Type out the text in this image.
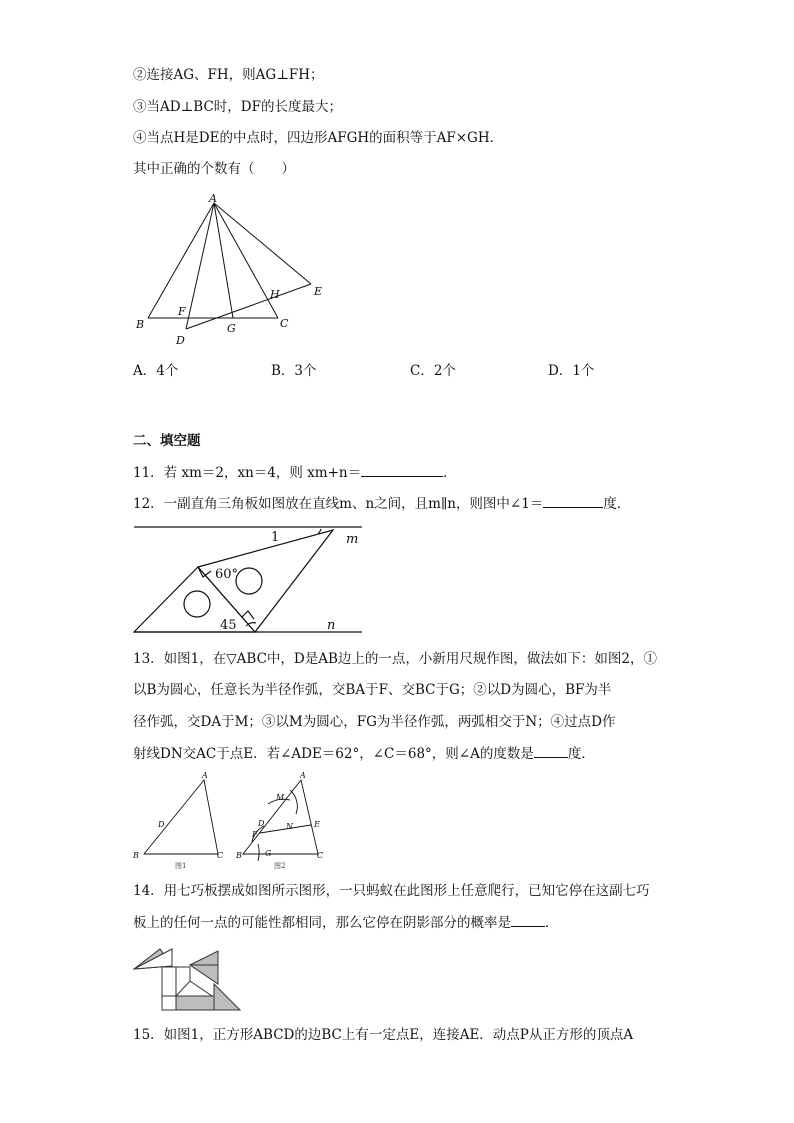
②连接AG、FH，则AG⊥FH；
③当AD⊥BC时，DF的长度最大；
④当点H是DE的中点时，四边形AFGH的面积等于AF×GH．
其中正确的个数有（　　）
A
B	C
D
E
F
G
H
A．4个	B．3个	C．2个	D．1个
二、填空题
11．若 xm＝2，xn＝4，则 xm+n＝	．
12．一副直角三角板如图放在直线m、n之间，且m∥n，则图中∠1＝	度．
1	m
n
60°
45
13．如图1，在▽ABC中，D是AB边上的一点，小新用尺规作图，做法如下：如图2，①
以B为圆心，任意长为半径作弧，交BA于F、交BC于G；②以D为圆心，BF为半
径作弧，交DA于M；③以M为圆心，FG为半径作弧，两弧相交于N；④过点D作
射线DN交AC于点E．若∠ADE＝62°，∠C＝68°，则∠A的度数是	度．
A
D
B	C
A
M
N
D	E
F
B	G	C
图1	图2
14．用七巧板摆成如图所示图形，一只蚂蚁在此图形上任意爬行，已知它停在这副七巧
板上的任何一点的可能性都相同，那么它停在阴影部分的概率是	．
15．如图1，正方形ABCD的边BC上有一定点E，连接AE．动点P从正方形的顶点A
